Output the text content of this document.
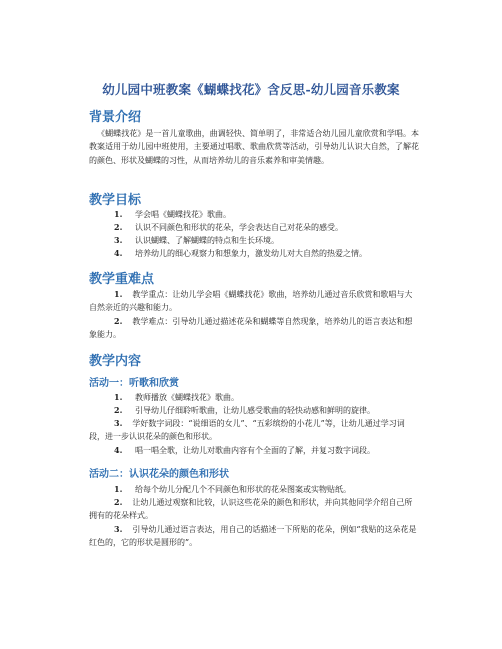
幼儿园中班教案《蝴蝶找花》含反思-幼儿园音乐教案
背景介绍

《蝴蝶找花》是一首儿童歌曲，曲调轻快、简单明了，非常适合幼儿园儿童欣赏和学唱。本教案适用于幼儿园中班使用，主要通过唱歌、歌曲欣赏等活动，引导幼儿认识大自然，了解花的颜色、形状及蝴蝶的习性，从而培养幼儿的音乐素养和审美情趣。

教学目标
1. 学会唱《蝴蝶找花》歌曲。
2. 认识不同颜色和形状的花朵，学会表达自己对花朵的感受。
3. 认识蝴蝶、了解蝴蝶的特点和生长环境。
4. 培养幼儿的细心观察力和想象力，激发幼儿对大自然的热爱之情。
教学重难点

1. 教学重点：让幼儿学会唱《蝴蝶找花》歌曲，培养幼儿通过音乐欣赏和歌唱与大自然亲近的兴趣和能力。

2. 教学难点：引导幼儿通过描述花朵和蝴蝶等自然现象，培养幼儿的语言表达和想象能力。

教学内容
活动一：听歌和欣赏
1. 教师播放《蝴蝶找花》歌曲。
2. 引导幼儿仔细聆听歌曲，让幼儿感受歌曲的轻快动感和鲜明的旋律。

3. 学好数字词段：“说细语的女儿”、“五彩缤纷的小花儿”等，让幼儿通过学习词段，进一步认识花朵的颜色和形状。

4. 唱一唱全歌，让幼儿对歌曲内容有个全面的了解，并复习数字词段。
活动二：认识花朵的颜色和形状
1. 给每个幼儿分配几个不同颜色和形状的花朵图案或实物贴纸。

2. 让幼儿通过观察和比较，认识这些花朵的颜色和形状，并向其他同学介绍自己所拥有的花朵样式。

3. 引导幼儿通过语言表达，用自己的话描述一下所贴的花朵，例如“我贴的这朵花是红色的，它的形状是圆形的”。
